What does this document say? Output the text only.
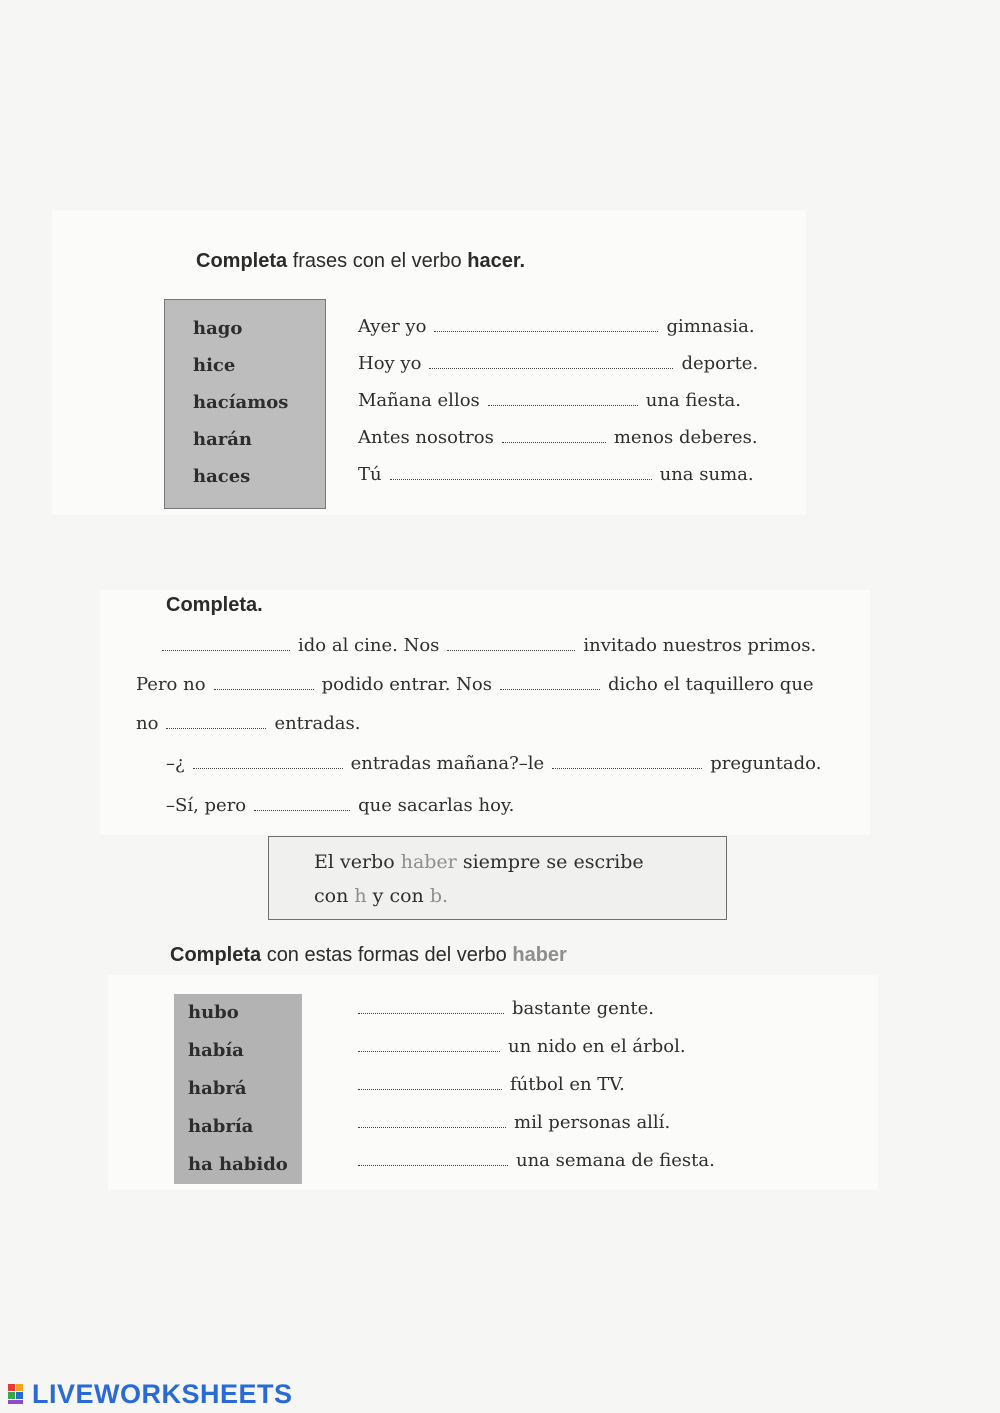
Completa frases con el verbo hacer.
hago
hice
hacíamos
harán
haces
Ayer yo	gimnasia.
Hoy yo	deporte.
Mañana ellos	una fiesta.
Antes nosotros	menos deberes.
Tú	una suma.
Completa.
ido al cine. Nos	invitado nuestros primos.
Pero no	podido entrar. Nos	dicho el taquillero que
no	entradas.
–¿	entradas mañana?–le	preguntado.
–Sí, pero	que sacarlas hoy.
El verbo haber siempre se escribe
con h y con b.
Completa con estas formas del verbo haber
hubo
había
habrá
habría
ha habido
bastante gente.
un nido en el árbol.
fútbol en TV.
mil personas allí.
una semana de fiesta.
LIVEWORKSHEETS
